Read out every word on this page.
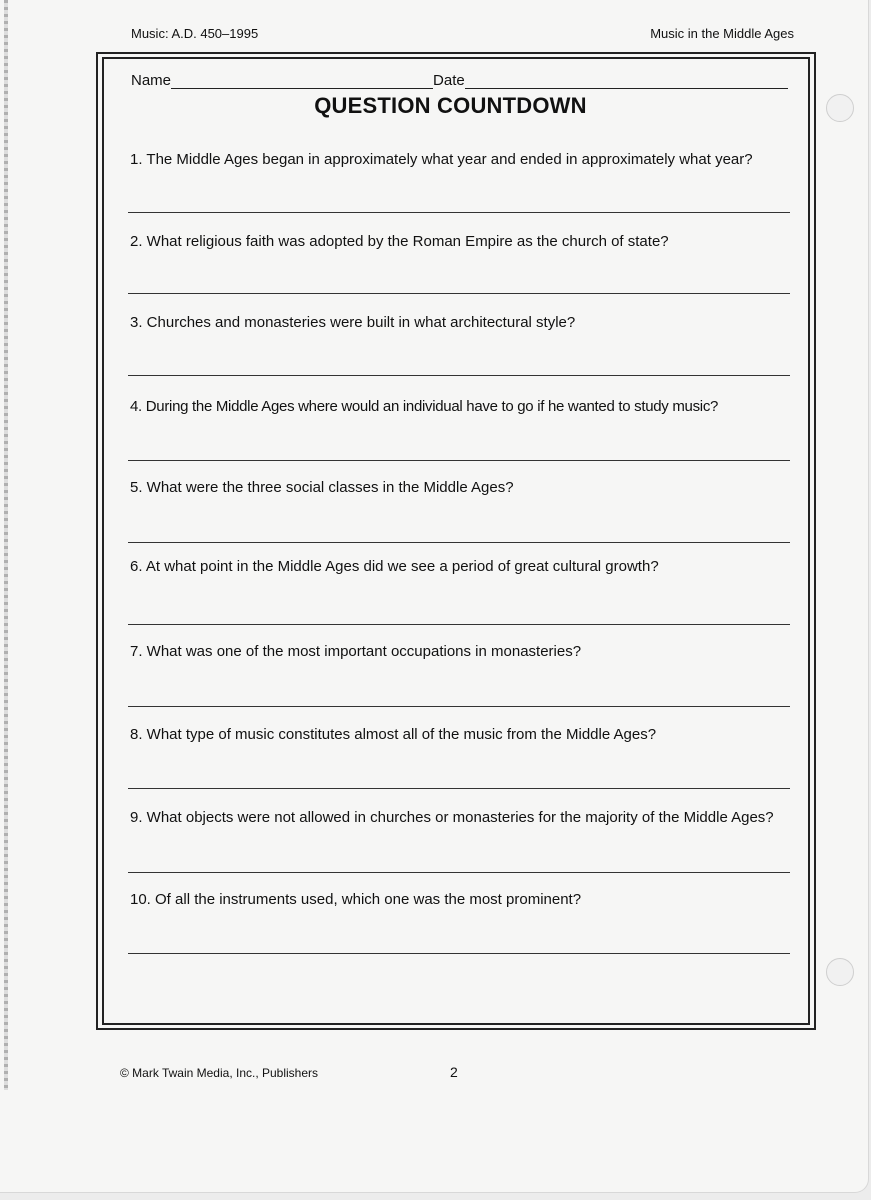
Music: A.D. 450–1995	Music in the Middle Ages
Name	Date
QUESTION COUNTDOWN
1. The Middle Ages began in approximately what year and ended in approximately what year?
2. What religious faith was adopted by the Roman Empire as the church of state?
3. Churches and monasteries were built in what architectural style?
4. During the Middle Ages where would an individual have to go if he wanted to study music?
5. What were the three social classes in the Middle Ages?
6. At what point in the Middle Ages did we see a period of great cultural growth?
7. What was one of the most important occupations in monasteries?
8. What type of music constitutes almost all of the music from the Middle Ages?
9. What objects were not allowed in churches or monasteries for the majority of the Middle Ages?
10. Of all the instruments used, which one was the most prominent?
© Mark Twain Media, Inc., Publishers	2
